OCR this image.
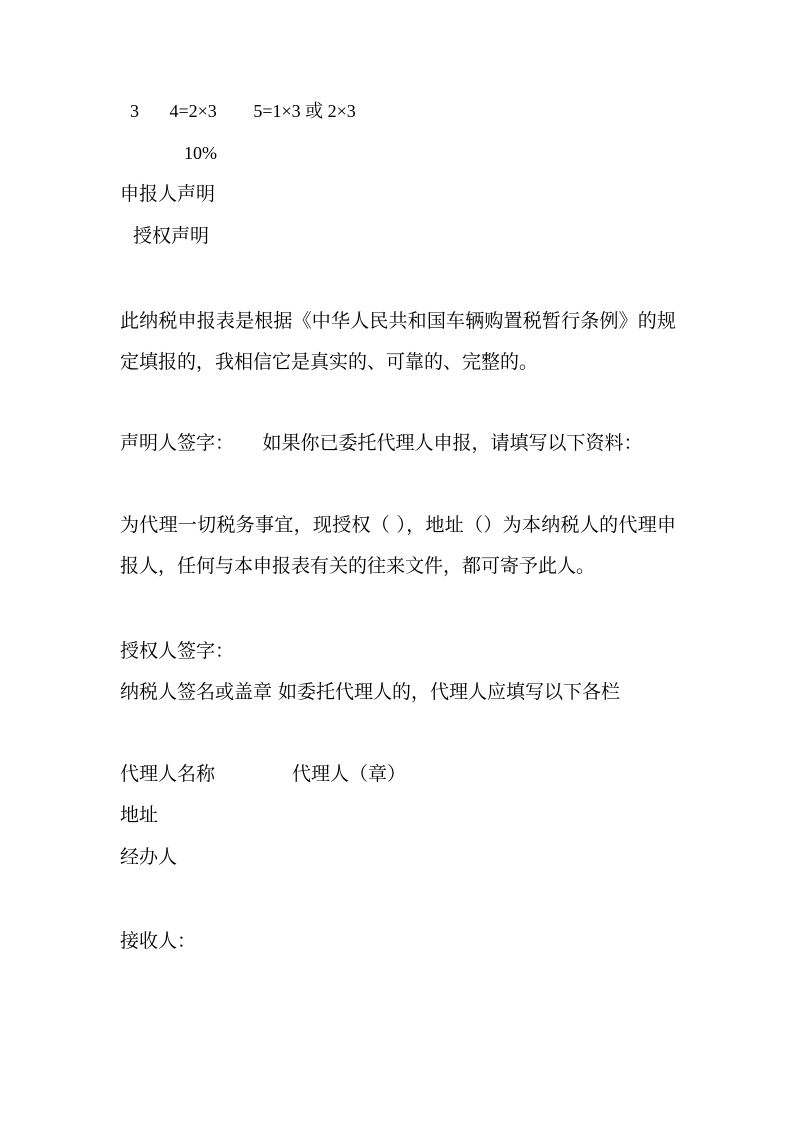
3 4=2×3 5=1×3 或 2×3
10%
申报人声明
授权声明
此纳税申报表是根据《中华人民共和国车辆购置税暂行条例》的规定填报的，我相信它是真实的、可靠的、完整的。
声明人签字：　　如果你已委托代理人申报，请填写以下资料：
为代理一切税务事宜，现授权（ ），地址（）为本纳税人的代理申报人，任何与本申报表有关的往来文件，都可寄予此人。
授权人签字：
纳税人签名或盖章 如委托代理人的，代理人应填写以下各栏
代理人名称	代理人（章）
地址
经办人
接收人：
